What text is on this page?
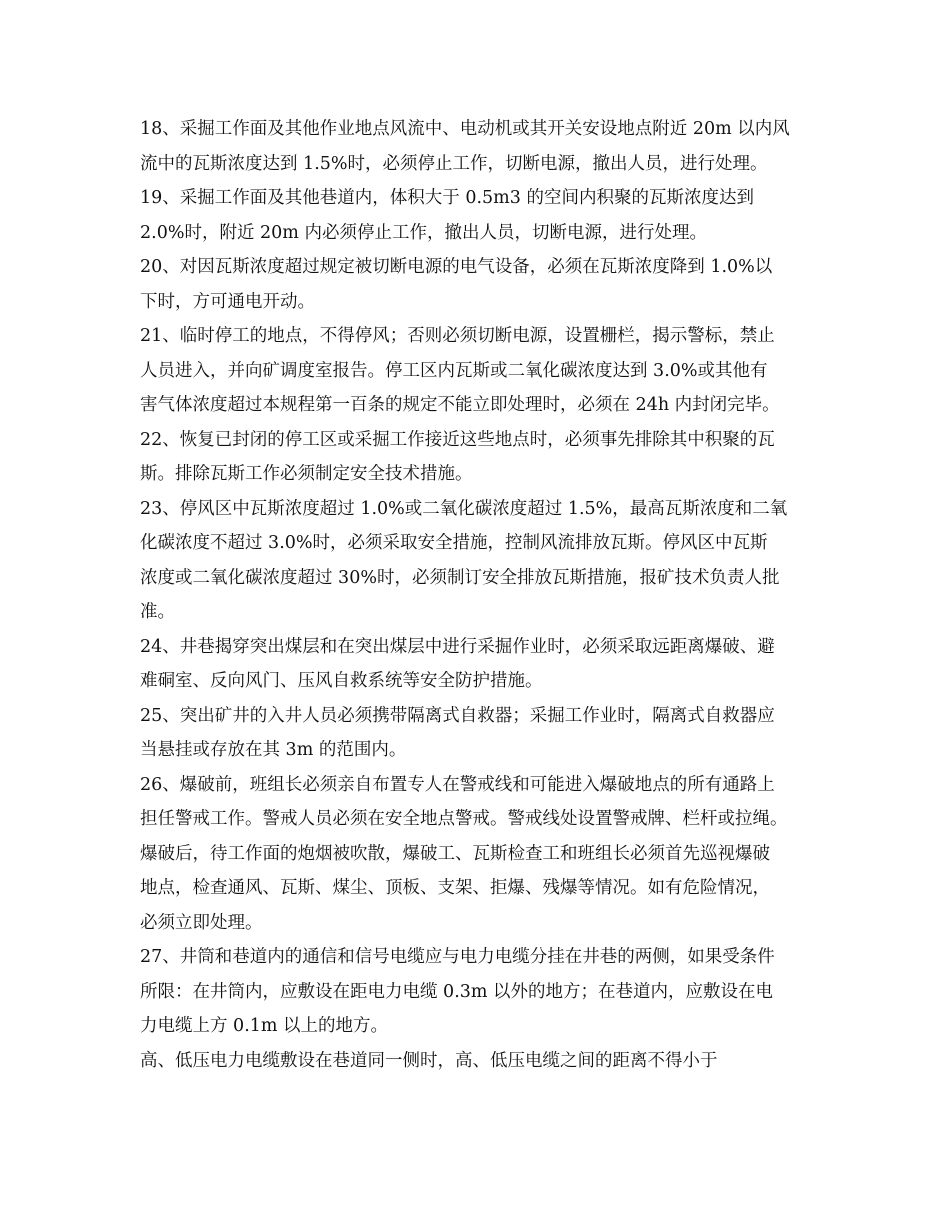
18、采掘工作面及其他作业地点风流中、电动机或其开关安设地点附近 20m 以内风
流中的瓦斯浓度达到 1.5%时，必须停止工作，切断电源，撤出人员，进行处理。
19、采掘工作面及其他巷道内，体积大于 0.5m3 的空间内积聚的瓦斯浓度达到
2.0%时，附近 20m 内必须停止工作，撤出人员，切断电源，进行处理。
20、对因瓦斯浓度超过规定被切断电源的电气设备，必须在瓦斯浓度降到 1.0%以
下时，方可通电开动。
21、临时停工的地点，不得停风；否则必须切断电源，设置栅栏，揭示警标，禁止
人员进入，并向矿调度室报告。停工区内瓦斯或二氧化碳浓度达到 3.0%或其他有
害气体浓度超过本规程第一百条的规定不能立即处理时，必须在 24h 内封闭完毕。
22、恢复已封闭的停工区或采掘工作接近这些地点时，必须事先排除其中积聚的瓦
斯。排除瓦斯工作必须制定安全技术措施。
23、停风区中瓦斯浓度超过 1.0%或二氧化碳浓度超过 1.5%，最高瓦斯浓度和二氧
化碳浓度不超过 3.0%时，必须采取安全措施，控制风流排放瓦斯。停风区中瓦斯
浓度或二氧化碳浓度超过 30%时，必须制订安全排放瓦斯措施，报矿技术负责人批
准。
24、井巷揭穿突出煤层和在突出煤层中进行采掘作业时，必须采取远距离爆破、避
难硐室、反向风门、压风自救系统等安全防护措施。
25、突出矿井的入井人员必须携带隔离式自救器；采掘工作业时，隔离式自救器应
当悬挂或存放在其 3m 的范围内。
26、爆破前，班组长必须亲自布置专人在警戒线和可能进入爆破地点的所有通路上
担任警戒工作。警戒人员必须在安全地点警戒。警戒线处设置警戒牌、栏杆或拉绳。
爆破后，待工作面的炮烟被吹散，爆破工、瓦斯检查工和班组长必须首先巡视爆破
地点，检查通风、瓦斯、煤尘、顶板、支架、拒爆、残爆等情况。如有危险情况，
必须立即处理。
27、井筒和巷道内的通信和信号电缆应与电力电缆分挂在井巷的两侧，如果受条件
所限：在井筒内，应敷设在距电力电缆 0.3m 以外的地方；在巷道内，应敷设在电
力电缆上方 0.1m 以上的地方。
高、低压电力电缆敷设在巷道同一侧时，高、低压电缆之间的距离不得小于
